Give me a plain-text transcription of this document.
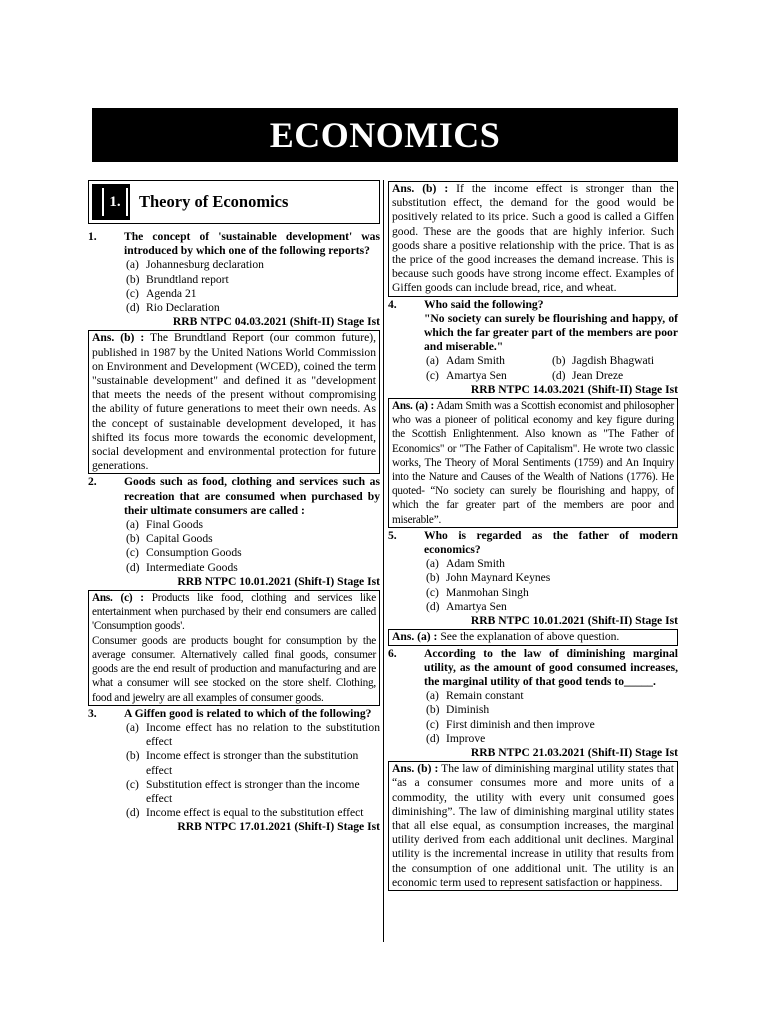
ECONOMICS
1.	Theory of Economics
1.	The concept of 'sustainable development' was introduced by which one of the following reports?
(a) Johannesburg declaration
(b) Brundtland report
(c) Agenda 21
(d) Rio Declaration
RRB NTPC 04.03.2021 (Shift-II) Stage Ist
Ans. (b) : The Brundtland Report (our common future), published in 1987 by the United Nations World Commission on Environment and Development (WCED), coined the term "sustainable development" and defined it as "development that meets the needs of the present without compromising the ability of future generations to meet their own needs. As the concept of sustainable development developed, it has shifted its focus more towards the economic development, social development and environmental protection for future generations.
2.	Goods such as food, clothing and services such as recreation that are consumed when purchased by their ultimate consumers are called :
(a) Final Goods
(b) Capital Goods
(c) Consumption Goods
(d) Intermediate Goods
RRB NTPC 10.01.2021 (Shift-I) Stage Ist
Ans. (c) : Products like food, clothing and services like entertainment when purchased by their end consumers are called 'Consumption goods'.
Consumer goods are products bought for consumption by the average consumer. Alternatively called final goods, consumer goods are the end result of production and manufacturing and are what a consumer will see stocked on the store shelf. Clothing, food and jewelry are all examples of consumer goods.
3.	A Giffen good is related to which of the following?
(a) Income effect has no relation to the substitution effect
(b) Income effect is stronger than the substitution effect
(c) Substitution effect is stronger than the income effect
(d) Income effect is equal to the substitution effect
RRB NTPC 17.01.2021 (Shift-I) Stage Ist
Ans. (b) : If the income effect is stronger than the substitution effect, the demand for the good would be positively related to its price. Such a good is called a Giffen good. These are the goods that are highly inferior. Such goods share a positive relationship with the price. That is as the price of the good increases the demand increase. This is because such goods have strong income effect. Examples of Giffen goods can include bread, rice, and wheat.
4.	Who said the following?
"No society can surely be flourishing and happy, of which the far greater part of the members are poor and miserable."
(a) Adam Smith	(b) Jagdish Bhagwati
(c) Amartya Sen	(d) Jean Dreze
RRB NTPC 14.03.2021 (Shift-II) Stage Ist
Ans. (a) : Adam Smith was a Scottish economist and philosopher who was a pioneer of political economy and key figure during the Scottish Enlightenment. Also known as "The Father of Economics" or "The Father of Capitalism". He wrote two classic works, The Theory of Moral Sentiments (1759) and An Inquiry into the Nature and Causes of the Wealth of Nations (1776). He quoted- “No society can surely be flourishing and happy, of which the far greater part of the members are poor and miserable”.
5.	Who is regarded as the father of modern economics?
(a) Adam Smith
(b) John Maynard Keynes
(c) Manmohan Singh
(d) Amartya Sen
RRB NTPC 10.01.2021 (Shift-II) Stage Ist
Ans. (a) : See the explanation of above question.
6.	According to the law of diminishing marginal utility, as the amount of good consumed increases, the marginal utility of that good tends to_____.
(a) Remain constant
(b) Diminish
(c) First diminish and then improve
(d) Improve
RRB NTPC 21.03.2021 (Shift-II) Stage Ist
Ans. (b) : The law of diminishing marginal utility states that “as a consumer consumes more and more units of a commodity, the utility with every unit consumed goes diminishing”. The law of diminishing marginal utility states that all else equal, as consumption increases, the marginal utility derived from each additional unit declines. Marginal utility is the incremental increase in utility that results from the consumption of one additional unit. The utility is an economic term used to represent satisfaction or happiness.
